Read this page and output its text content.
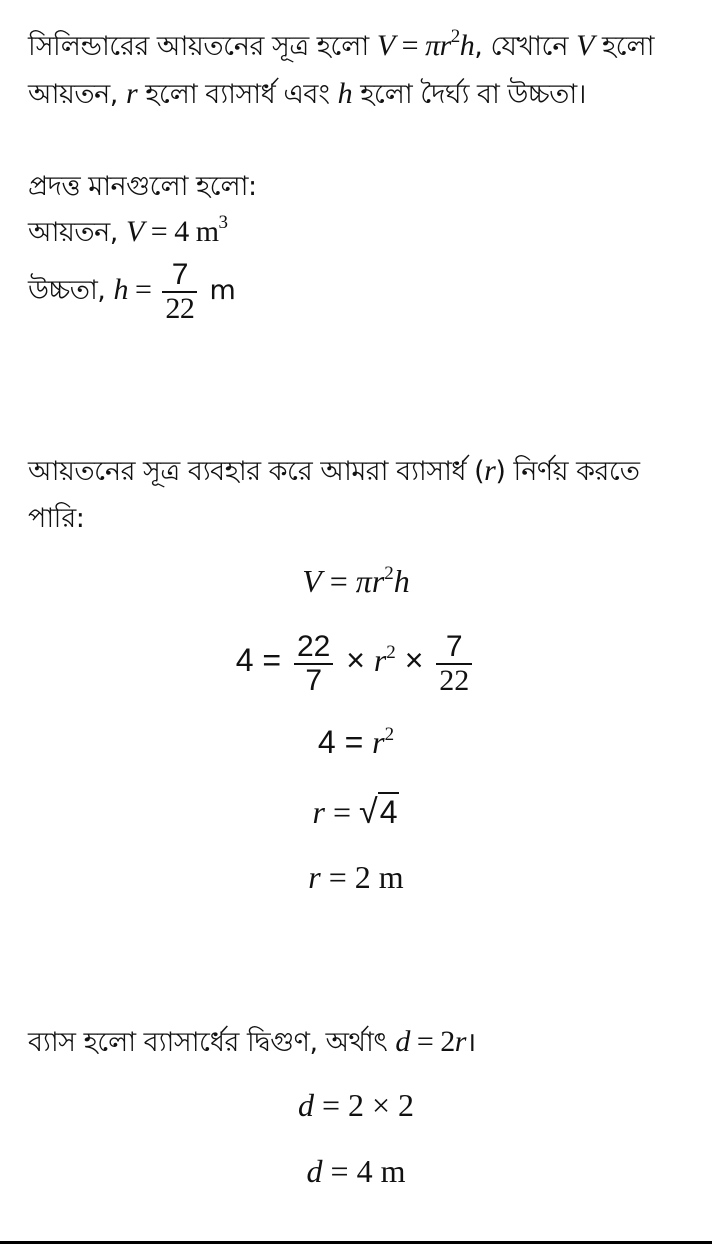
সিলিন্ডারের আয়তনের সূত্র হলো $V = \pi r^2h$, যেখানে V হলো আয়তন, r হলো ব্যাসার্ধ এবং h হলো দৈর্ঘ্য বা উচ্চতা।
প্রদত্ত মানগুলো হলো:
আয়তন, V = 4 $m^3$
উচ্চতা, $h = \frac{7}{22}$ m
আয়তনের সূত্র ব্যবহার করে আমরা ব্যাসার্ধ (r) নির্ণয় করতে পারি:
$V = \pi r^2h$
$4 = \frac{22}{7} \times r^2 \times \frac{7}{22}$
$4 = r^2$
r = √4
r = 2 m
ব্যাস হলো ব্যাসার্ধের দ্বিগুণ, অর্থাৎ d = 2r।
d = 2 × 2
d = 4 m
